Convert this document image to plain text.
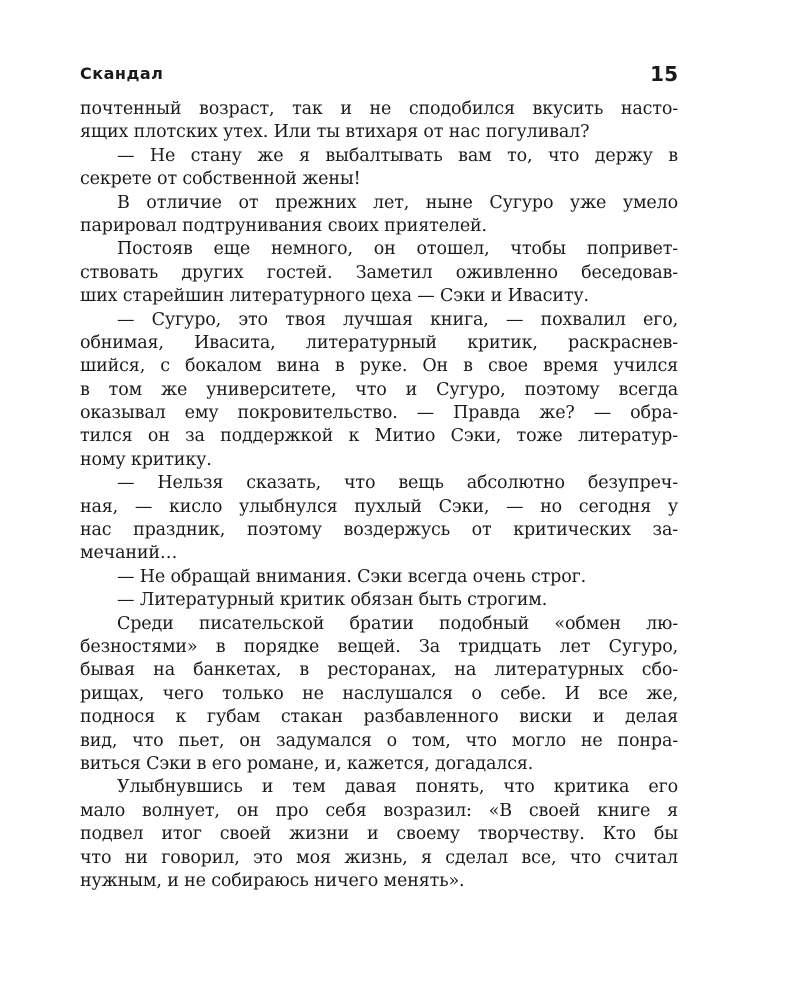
Скандал	15
почтенный возраст, так и не сподобился вкусить насто-
ящих плотских утех. Или ты втихаря от нас погуливал?
— Не стану же я выбалтывать вам то, что держу в
секрете от собственной жены!
В отличие от прежних лет, ныне Сугуро уже умело
парировал подтрунивания своих приятелей.
Постояв еще немного, он отошел, чтобы попривет-
ствовать других гостей. Заметил оживленно беседовав-
ших старейшин литературного цеха — Сэки и Иваситу.
— Сугуро, это твоя лучшая книга, — похвалил его,
обнимая, Ивасита, литературный критик, раскраснев-
шийся, с бокалом вина в руке. Он в свое время учился
в том же университете, что и Сугуро, поэтому всегда
оказывал ему покровительство. — Правда же? — обра-
тился он за поддержкой к Митио Сэки, тоже литератур-
ному критику.
— Нельзя сказать, что вещь абсолютно безупреч-
ная, — кисло улыбнулся пухлый Сэки, — но сегодня у
нас праздник, поэтому воздержусь от критических за-
мечаний…
— Не обращай внимания. Сэки всегда очень строг.
— Литературный критик обязан быть строгим.
Среди писательской братии подобный «обмен лю-
безностями» в порядке вещей. За тридцать лет Сугуро,
бывая на банкетах, в ресторанах, на литературных сбо-
рищах, чего только не наслушался о себе. И все же,
поднося к губам стакан разбавленного виски и делая
вид, что пьет, он задумался о том, что могло не понра-
виться Сэки в его романе, и, кажется, догадался.
Улыбнувшись и тем давая понять, что критика его
мало волнует, он про себя возразил: «В своей книге я
подвел итог своей жизни и своему творчеству. Кто бы
что ни говорил, это моя жизнь, я сделал все, что считал
нужным, и не собираюсь ничего менять».
